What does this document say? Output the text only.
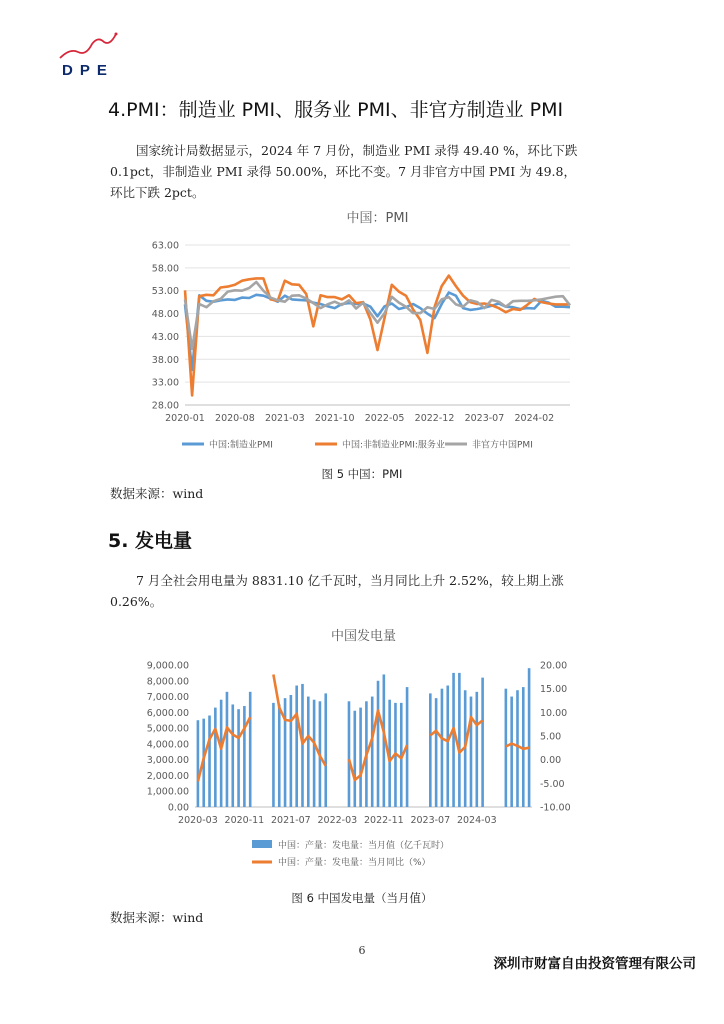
DPE
4.PMI：制造业 PMI、服务业 PMI、非官方制造业 PMI
国家统计局数据显示，2024 年 7 月份，制造业 PMI 录得 49.40 %，环比下跌
0.1pct，非制造业 PMI 录得 50.00%，环比不变。7 月非官方中国 PMI 为 49.8，
环比下跌 2pct。
中国：PMI
63.00
58.00
53.00
48.00
43.00
38.00
33.00
28.00
2020-01 2020-08 2021-03 2021-10 2022-05 2022-12 2023-07 2024-02
中国:制造业PMI	中国:非制造业PMI:服务业	非官方中国PMI
图 5 中国：PMI
数据来源：wind
5. 发电量
7 月全社会用电量为 8831.10 亿千瓦时，当月同比上升 2.52%，较上期上涨
0.26%。
中国发电量
9,000.00
8,000.00
7,000.00
6,000.00
5,000.00
4,000.00
3,000.00
2,000.00
1,000.00
0.00
20.00
15.00
10.00
5.00
0.00
-5.00
-10.00
2020-03 2020-11 2021-07 2022-03 2022-11 2023-07 2024-03
中国：产量：发电量：当月值（亿千瓦时）
中国：产量：发电量：当月同比（%）
图 6 中国发电量（当月值）
数据来源：wind
6
深圳市财富自由投资管理有限公司
